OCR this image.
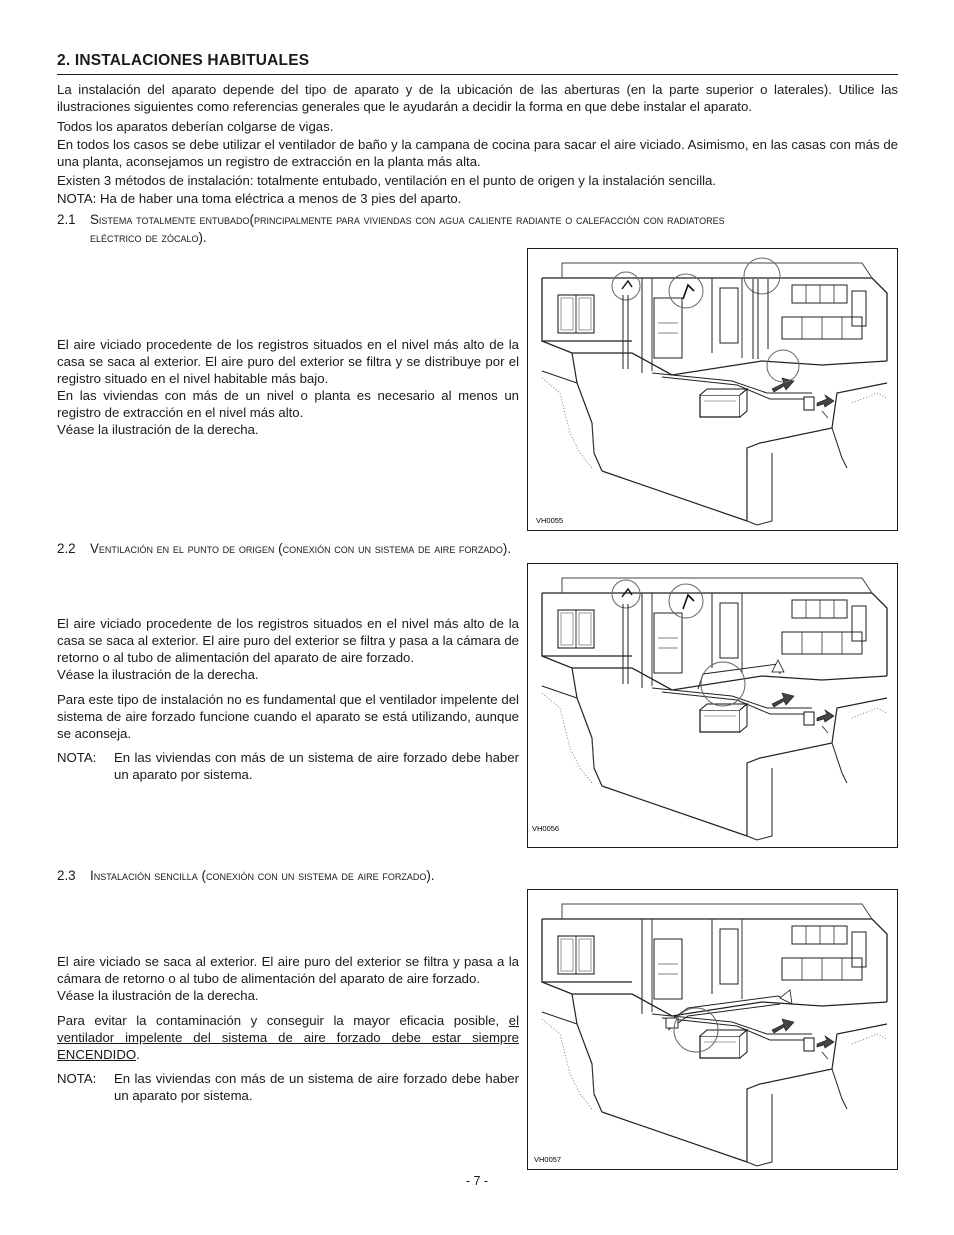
2. INSTALACIONES HABITUALES

La instalación del aparato depende del tipo de aparato y de la ubicación de las aberturas (en la parte superior o laterales). Utilice las ilustraciones siguientes como referencias generales que le ayudarán a decidir la forma en que debe instalar el aparato.

Todos los aparatos deberían colgarse de vigas.

En todos los casos se debe utilizar el ventilador de baño y la campana de cocina para sacar el aire viciado. Asimismo, en las casas con más de una planta, aconsejamos un registro de extracción en la planta más alta.

Existen 3 métodos de instalación: totalmente entubado, ventilación en el punto de origen y la instalación sencilla.

NOTA: Ha de haber una toma eléctrica a menos de 3 pies del aparto.

2.1 Sistema totalmente entubado(principalmente para viviendas con agua caliente radiante o calefacción con radiatores
eléctrico de zócalo).
VH0055

El aire viciado procedente de los registros situados en el nivel más alto de la casa se saca al exterior. El aire puro del exterior se filtra y se distribuye por el registro situado en el nivel habitable más bajo.

En las viviendas con más de un nivel o planta es necesario al menos un registro de extracción en el nivel más alto.

Véase la ilustración de la derecha.

2.2 Ventilación en el punto de origen (conexión con un sistema de aire forzado).
VH0056

El aire viciado procedente de los registros situados en el nivel más alto de la casa se saca al exterior. El aire puro del exterior se filtra y pasa a la cámara de retorno o al tubo de alimentación del aparato de aire forzado.

Véase la ilustración de la derecha.

Para este tipo de instalación no es fundamental que el ventilador impelente del sistema de aire forzado funcione cuando el aparato se está utilizando, aunque se aconseja.

NOTA:	En las viviendas con más de un sistema de aire forzado debe haber un aparato por sistema.
2.3 Instalación sencilla (conexión con un sistema de aire forzado).
VH0057

El aire viciado se saca al exterior. El aire puro del exterior se filtra y pasa a la cámara de retorno o al tubo de alimentación del aparato de aire forzado.

Véase la ilustración de la derecha.

Para evitar la contaminación y conseguir la mayor eficacia posible, el ventilador impelente del sistema de aire forzado debe estar siempre ENCENDIDO.

NOTA:	En las viviendas con más de un sistema de aire forzado debe haber un aparato por sistema.
- 7 -
